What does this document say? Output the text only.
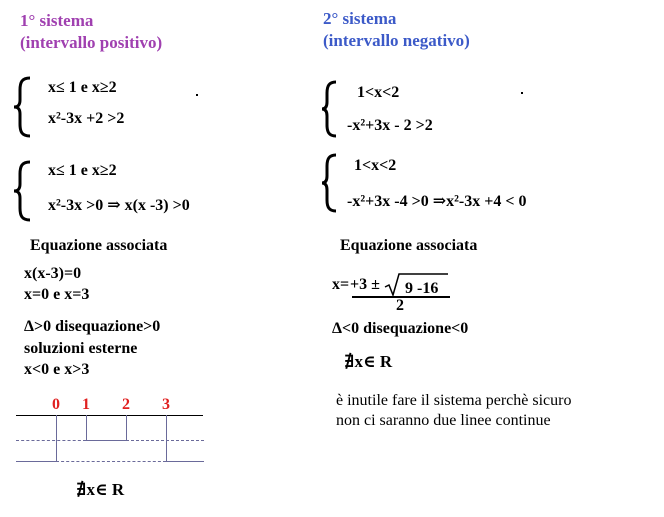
1° sistema
(intervallo positivo)
x≤ 1 e x≥2
x²-3x +2 >2
x≤ 1 e x≥2
x²-3x >0 ⇒ x(x -3) >0
Equazione associata
x(x-3)=0
x=0 e x=3
Δ>0 disequazione>0
soluzioni esterne
x<0 e x>3
0 1 2 3
∄x∈ R
2° sistema
(intervallo negativo)
1<x<2
-x²+3x - 2 >2
1<x<2
-x²+3x -4 >0 ⇒x²-3x +4 < 0
Equazione associata
x= +3 ± 9 -16
2
Δ<0 disequazione<0
∄x∈ R
è inutile fare il sistema perchè sicuro
non ci saranno due linee continue
